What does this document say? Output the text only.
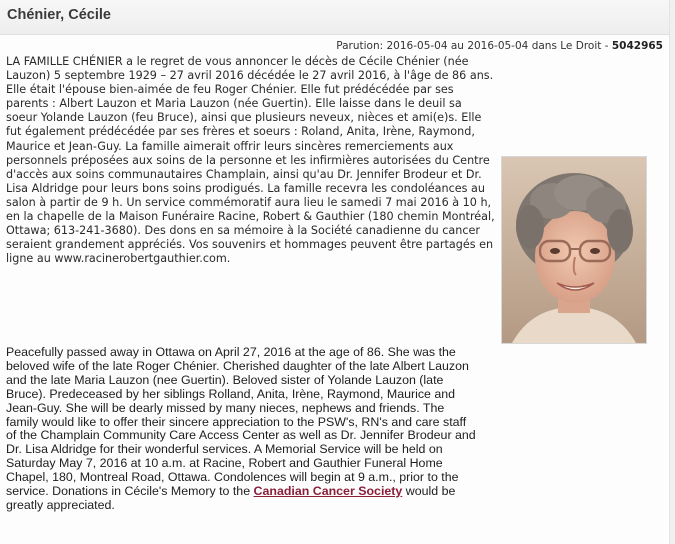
Chénier, Cécile
Parution: 2016-05-04 au 2016-05-04 dans Le Droit - 5042965
LA FAMILLE CHÉNIER a le regret de vous annoncer le décès de Cécile Chénier (née Lauzon) 5 septembre 1929 – 27 avril 2016 décédée le 27 avril 2016, à l'âge de 86 ans. Elle était l'épouse bien-aimée de feu Roger Chénier. Elle fut prédécédée par ses parents : Albert Lauzon et Maria Lauzon (née Guertin). Elle laisse dans le deuil sa soeur Yolande Lauzon (feu Bruce), ainsi que plusieurs neveux, nièces et ami(e)s. Elle fut également prédécédée par ses frères et soeurs : Roland, Anita, Irène, Raymond, Maurice et Jean-Guy. La famille aimerait offrir leurs sincères remerciements aux personnels préposées aux soins de la personne et les infirmières autorisées du Centre d'accès aux soins communautaires Champlain, ainsi qu'au Dr. Jennifer Brodeur et Dr. Lisa Aldridge pour leurs bons soins prodigués. La famille recevra les condoléances au salon à partir de 9 h. Un service commémoratif aura lieu le samedi 7 mai 2016 à 10 h, en la chapelle de la Maison Funéraire Racine, Robert & Gauthier (180 chemin Montréal, Ottawa; 613-241-3680). Des dons en sa mémoire à la Société canadienne du cancer seraient grandement appréciés. Vos souvenirs et hommages peuvent être partagés en ligne au www.racinerobertgauthier.com.
Peacefully passed away in Ottawa on April 27, 2016 at the age of 86. She was the beloved wife of the late Roger Chénier. Cherished daughter of the late Albert Lauzon and the late Maria Lauzon (nee Guertin). Beloved sister of Yolande Lauzon (late Bruce). Predeceased by her siblings Rolland, Anita, Irène, Raymond, Maurice and Jean-Guy. She will be dearly missed by many nieces, nephews and friends. The family would like to offer their sincere appreciation to the PSW's, RN's and care staff of the Champlain Community Care Access Center as well as Dr. Jennifer Brodeur and Dr. Lisa Aldridge for their wonderful services. A Memorial Service will be held on Saturday May 7, 2016 at 10 a.m. at Racine, Robert and Gauthier Funeral Home Chapel, 180, Montreal Road, Ottawa. Condolences will begin at 9 a.m., prior to the service. Donations in Cécile's Memory to the Canadian Cancer Society would be greatly appreciated.
